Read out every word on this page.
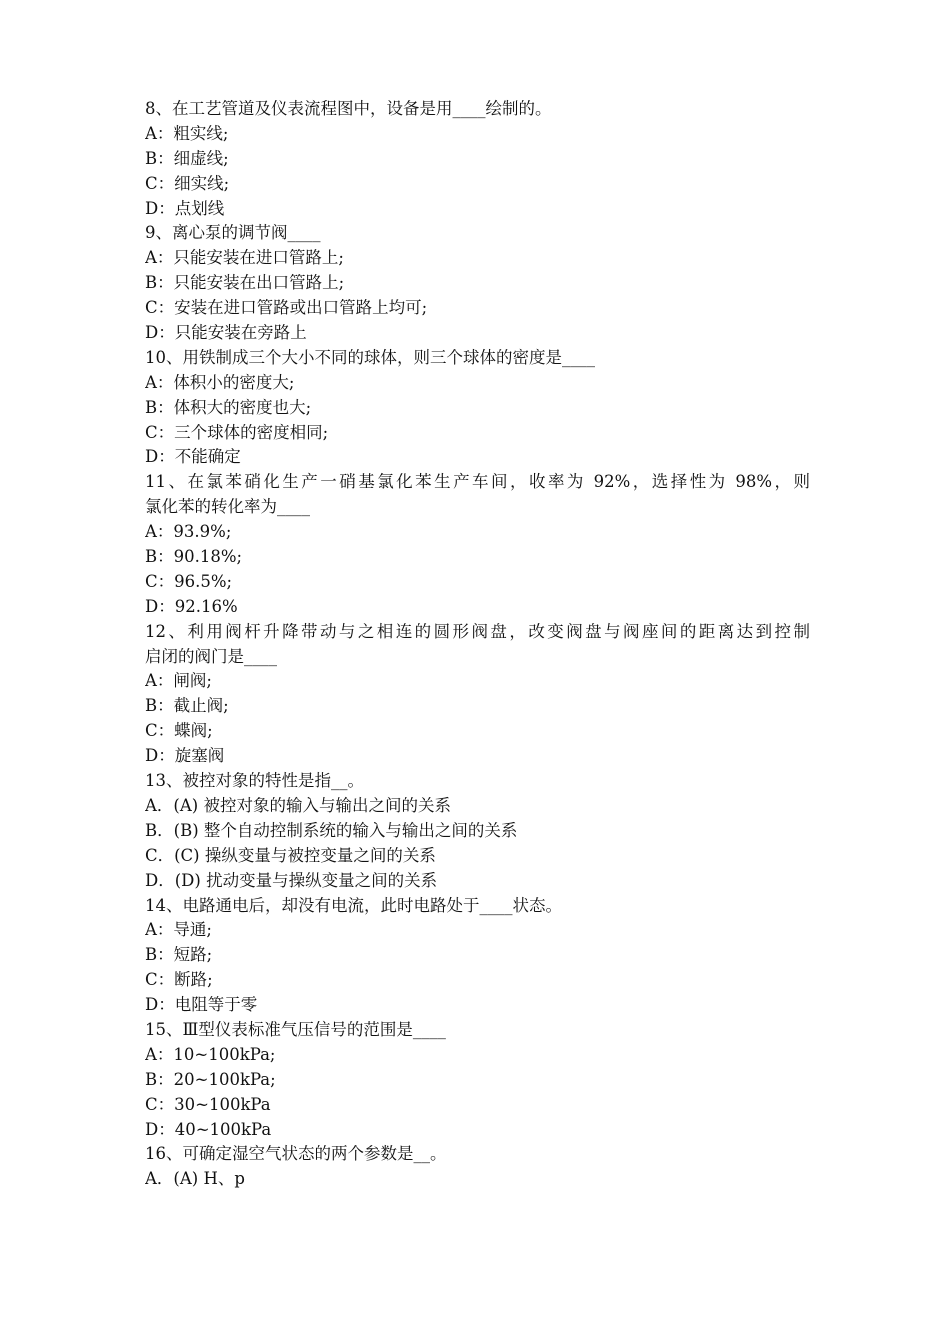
8、在工艺管道及仪表流程图中，设备是用____绘制的。
A：粗实线;
B：细虚线;
C：细实线;
D：点划线
9、离心泵的调节阀____
A：只能安装在进口管路上;
B：只能安装在出口管路上;
C：安装在进口管路或出口管路上均可;
D：只能安装在旁路上
10、用铁制成三个大小不同的球体，则三个球体的密度是____
A：体积小的密度大;
B：体积大的密度也大;
C：三个球体的密度相同;
D：不能确定
11、在氯苯硝化生产一硝基氯化苯生产车间，收率为 92%，选择性为 98%，则
氯化苯的转化率为____
A：93.9%;
B：90.18%;
C：96.5%;
D：92.16%
12、利用阀杆升降带动与之相连的圆形阀盘，改变阀盘与阀座间的距离达到控制
启闭的阀门是____
A：闸阀;
B：截止阀;
C：蝶阀;
D：旋塞阀
13、被控对象的特性是指__。
A．(A) 被控对象的输入与输出之间的关系
B．(B) 整个自动控制系统的输入与输出之间的关系
C．(C) 操纵变量与被控变量之间的关系
D．(D) 扰动变量与操纵变量之间的关系
14、电路通电后，却没有电流，此时电路处于____状态。
A：导通;
B：短路;
C：断路;
D：电阻等于零
15、Ⅲ型仪表标准气压信号的范围是____
A：10~100kPa;
B：20~100kPa;
C：30~100kPa
D：40~100kPa
16、可确定湿空气状态的两个参数是__。
A．(A) H、p
